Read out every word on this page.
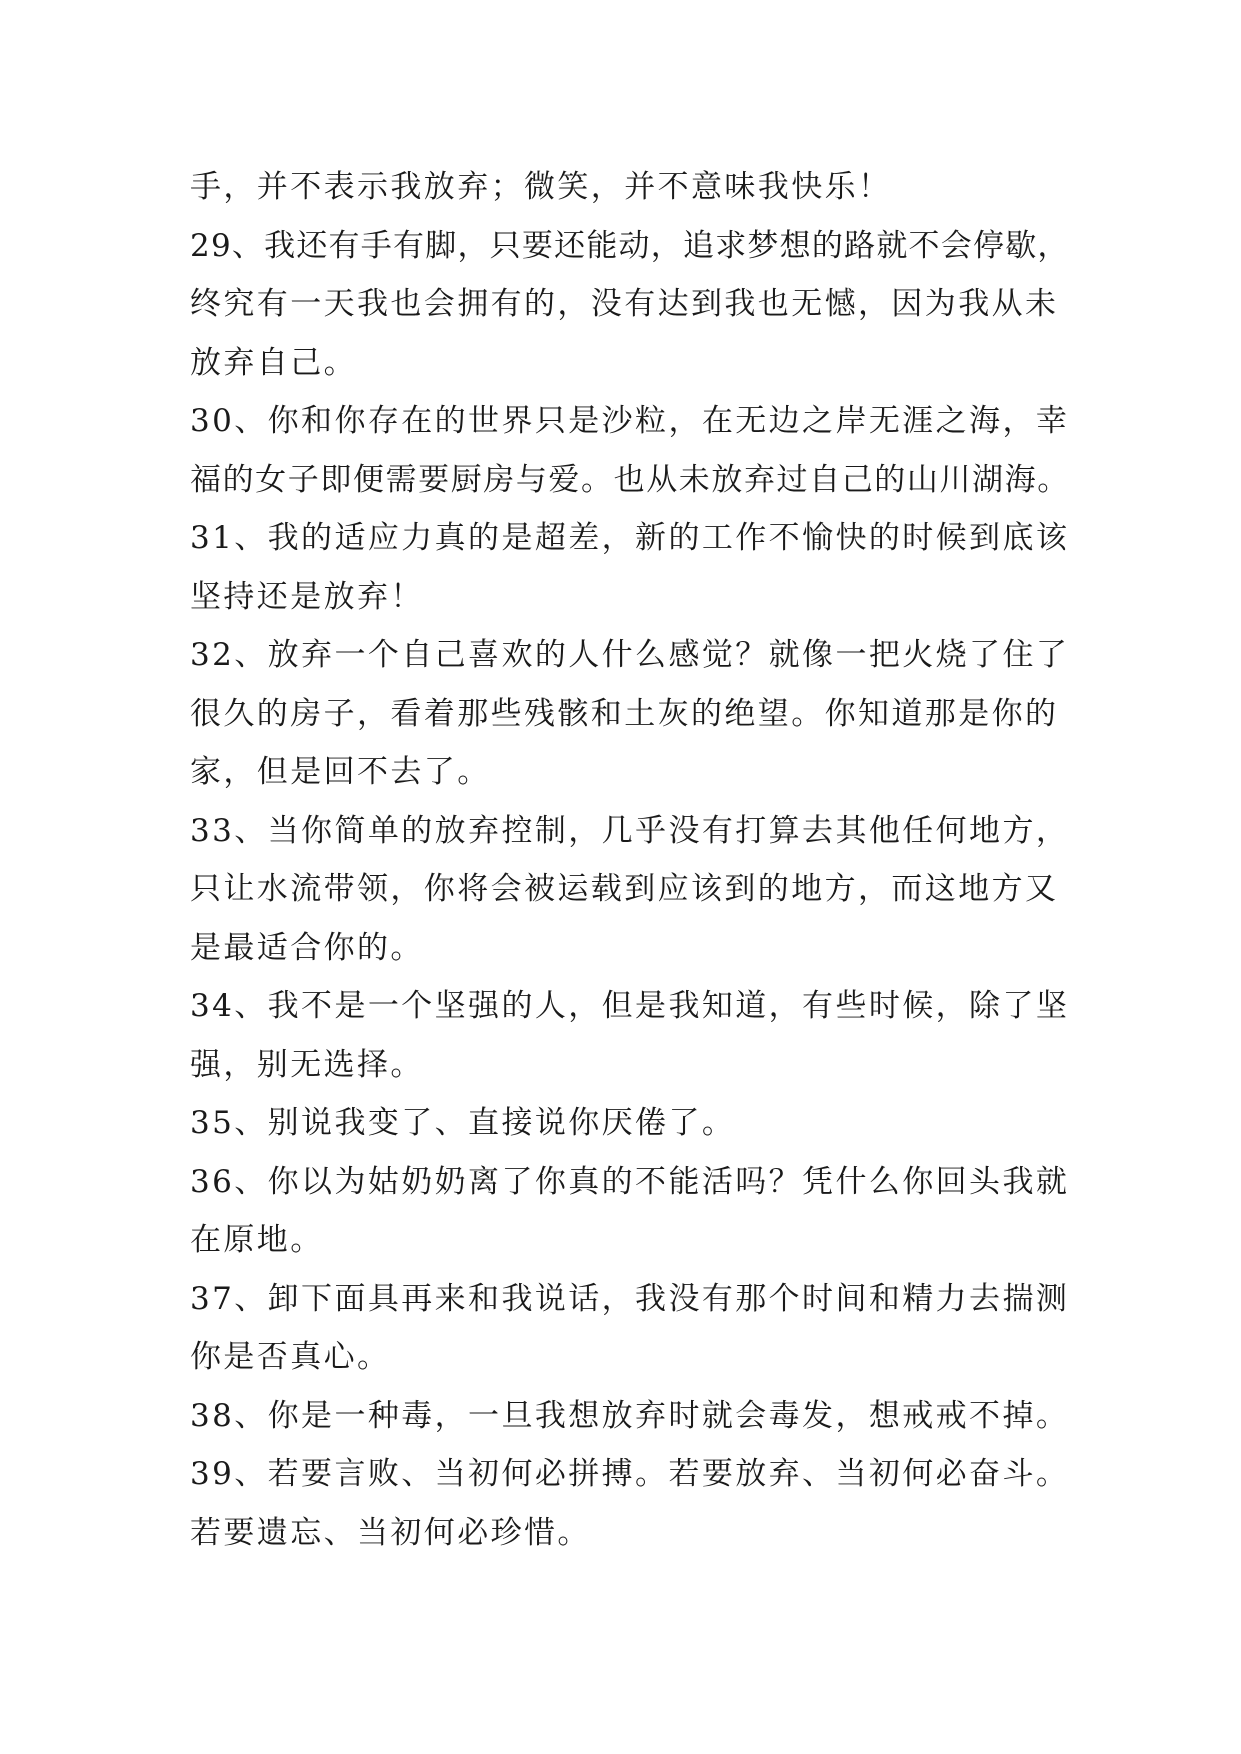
手，并不表示我放弃；微笑，并不意味我快乐！
29、我还有手有脚，只要还能动，追求梦想的路就不会停歇，
终究有一天我也会拥有的，没有达到我也无憾，因为我从未
放弃自己。
30、你和你存在的世界只是沙粒，在无边之岸无涯之海，幸
福的女子即便需要厨房与爱。也从未放弃过自己的山川湖海。
31、我的适应力真的是超差，新的工作不愉快的时候到底该
坚持还是放弃！
32、放弃一个自己喜欢的人什么感觉？就像一把火烧了住了
很久的房子，看着那些残骸和土灰的绝望。你知道那是你的
家，但是回不去了。
33、当你简单的放弃控制，几乎没有打算去其他任何地方，
只让水流带领，你将会被运载到应该到的地方，而这地方又
是最适合你的。
34、我不是一个坚强的人，但是我知道，有些时候，除了坚
强，别无选择。
35、别说我变了、直接说你厌倦了。
36、你以为姑奶奶离了你真的不能活吗？凭什么你回头我就
在原地。
37、卸下面具再来和我说话，我没有那个时间和精力去揣测
你是否真心。
38、你是一种毒，一旦我想放弃时就会毒发，想戒戒不掉。
39、若要言败、当初何必拼搏。若要放弃、当初何必奋斗。
若要遗忘、当初何必珍惜。
